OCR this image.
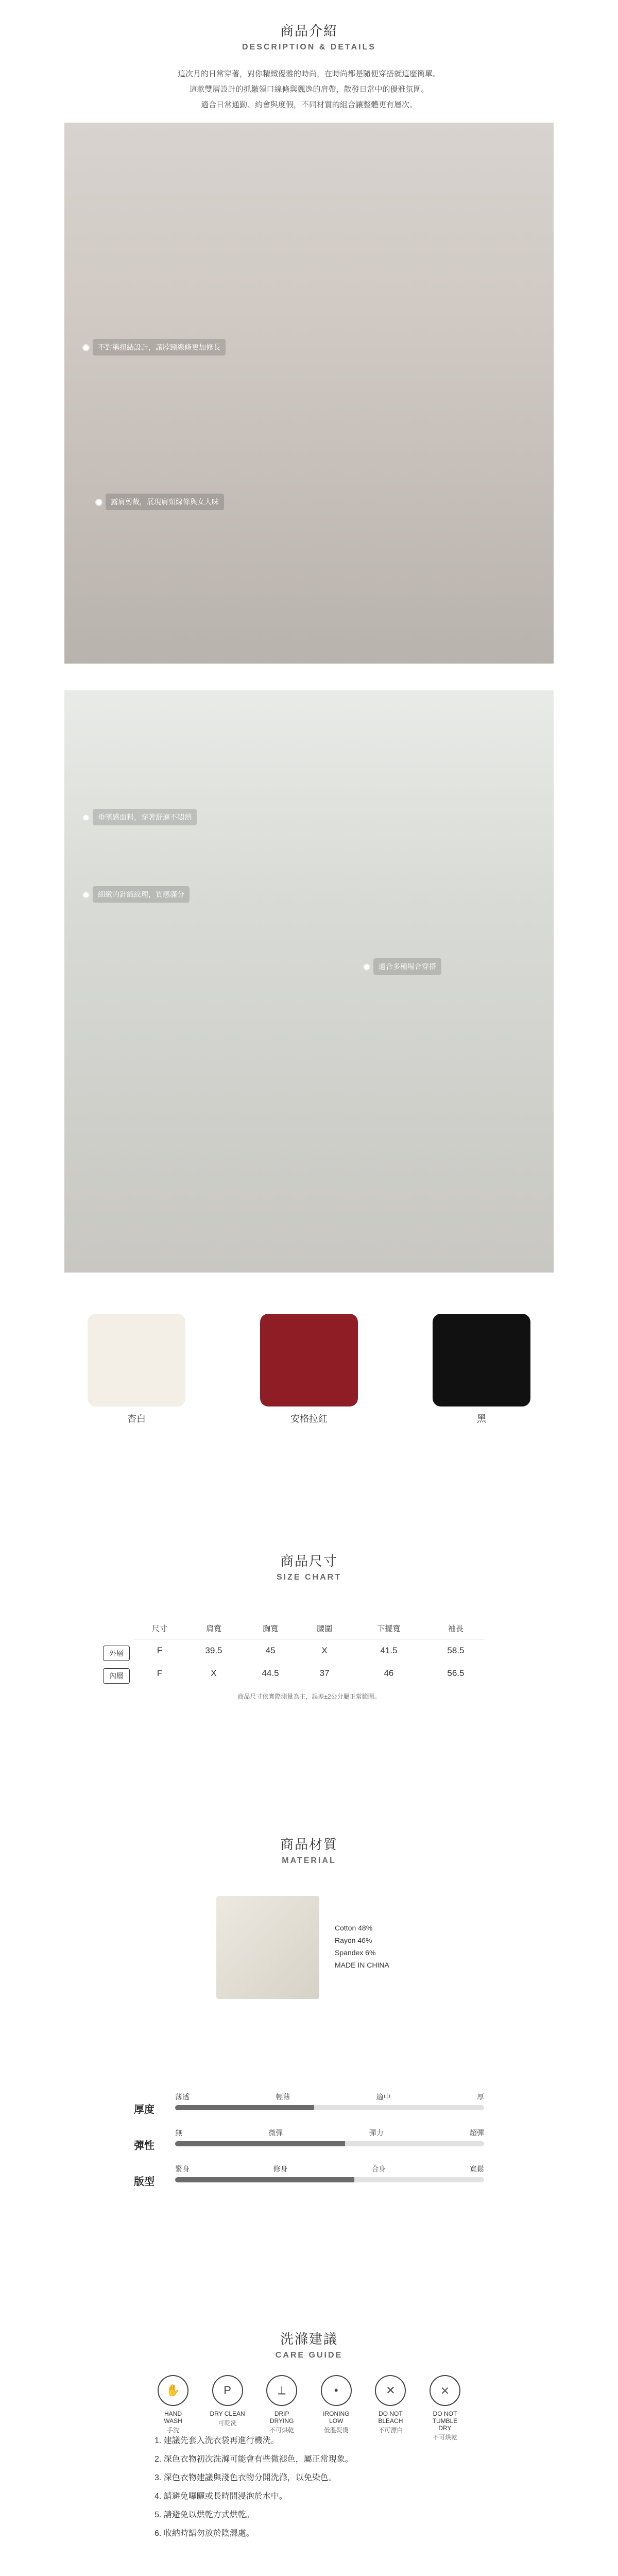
商品介紹
DESCRIPTION & DETAILS
這次月的日常穿著，對你精緻優雅的時尚，在時尚都是隨便穿搭就這麼簡單。
這款雙層設計的抓皺領口線條與飄逸的肩帶，散發日常中的優雅氛圍。
適合日常通勤、約會與度假，不同材質的組合讓整體更有層次。
不對稱扭結設計，讓脖頸線條更加修長
露肩剪裁，展現肩頸線條與女人味
垂墜感面料，穿著舒適不悶熱
細緻的針織紋理，質感滿分
適合多種場合穿搭
杏白	安格拉紅	黑
商品尺寸
SIZE CHART
尺寸	肩寬	胸寬	腰圍	下擺寬	袖長

外層 F	39.5	45	X	41.5	58.5

內層 F	X	44.5	37	46	56.5
商品尺寸依實際測量為主，誤差±2公分屬正常範圍。
商品材質
MATERIAL
Cotton 48%
Rayon 46%
Spandex 6%
MADE IN CHINA
厚度
薄透	輕薄	適中	厚
彈性
無	微彈	彈力	超彈
版型
緊身	修身	合身	寬鬆
洗滌建議
CARE GUIDE
✋
HAND WASH
手洗
P
DRY CLEAN
可乾洗
⟂
DRIP DRYING
不可烘乾
•
IRONING LOW
低溫熨燙
✕
DO NOT BLEACH
不可漂白
⨯
DO NOT TUMBLE DRY
不可烘乾
1. 建議先套入洗衣袋再進行機洗。
2. 深色衣物初次洗滌可能會有些微褪色，屬正常現象。
3. 深色衣物建議與淺色衣物分開洗滌，以免染色。
4. 請避免曝曬或長時間浸泡於水中。
5. 請避免以烘乾方式烘乾。
6. 收納時請勿放於陰濕處。
